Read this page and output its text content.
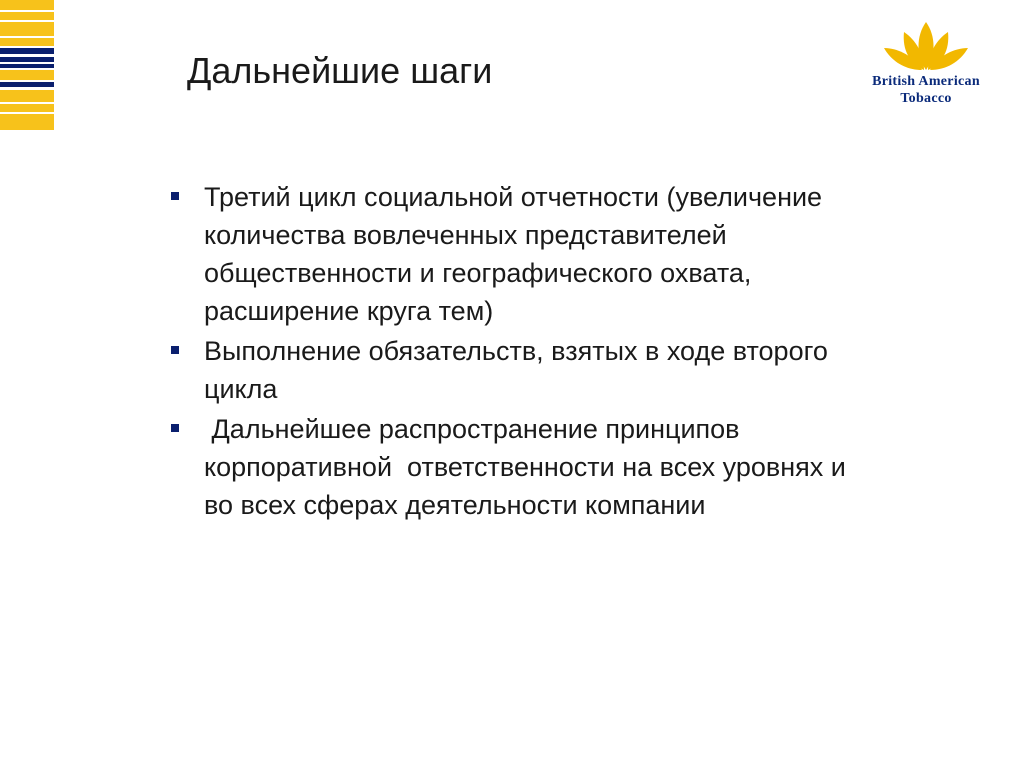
Дальнейшие шаги	British American
Tobacco
Третий цикл социальной отчетности (увеличение количества вовлеченных представителей общественности и географического охвата, расширение круга тем)
Выполнение обязательств, взятых в ходе второго цикла
Дальнейшее распространение принципов корпоративной  ответственности на всех уровнях и во всех сферах деятельности компании
